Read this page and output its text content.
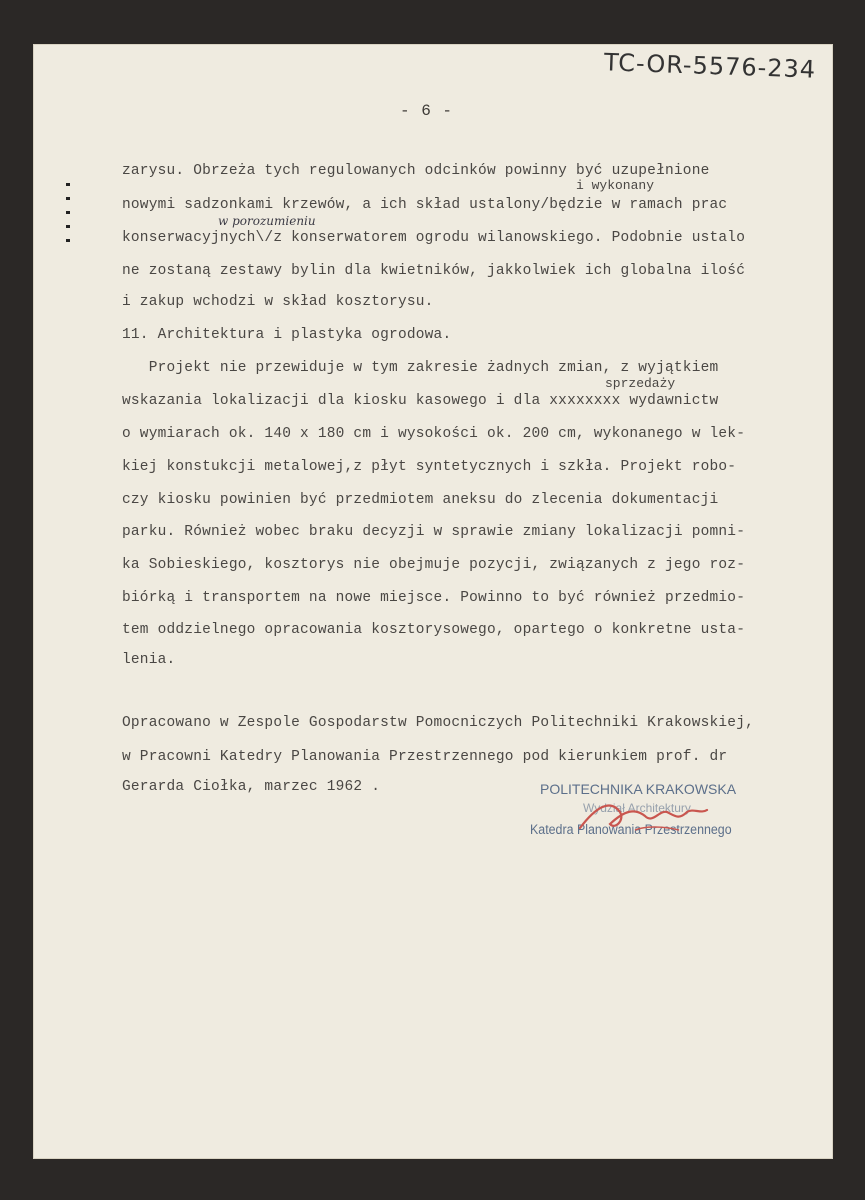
TC-OR-5576-234
- 6 -
i wykonany
w porozumieniu
sprzedaży
zarysu. Obrzeża tych regulowanych odcinków powinny być uzupełnione
nowymi sadzonkami krzewów, a ich skład ustalony/będzie w ramach prac
konserwacyjnych\/z konserwatorem ogrodu wilanowskiego. Podobnie ustalo
ne zostaną zestawy bylin dla kwietników, jakkolwiek ich globalna ilość
i zakup wchodzi w skład kosztorysu.
11. Architektura i plastyka ogrodowa.
Projekt nie przewiduje w tym zakresie żadnych zmian, z wyjątkiem
wskazania lokalizacji dla kiosku kasowego i dla xxxxxxxx wydawnictw
o wymiarach ok. 140 x 180 cm i wysokości ok. 200 cm, wykonanego w lek-
kiej konstukcji metalowej,z płyt syntetycznych i szkła. Projekt robo-
czy kiosku powinien być przedmiotem aneksu do zlecenia dokumentacji
parku. Również wobec braku decyzji w sprawie zmiany lokalizacji pomni-
ka Sobieskiego, kosztorys nie obejmuje pozycji, związanych z jego roz-
biórką i transportem na nowe miejsce. Powinno to być również przedmio-
tem oddzielnego opracowania kosztorysowego, opartego o konkretne usta-
lenia.
Opracowano w Zespole Gospodarstw Pomocniczych Politechniki Krakowskiej,
w Pracowni Katedry Planowania Przestrzennego pod kierunkiem prof. dr
Gerarda Ciołka, marzec 1962 .	POLITECHNIKA KRAKOWSKA
Wydział Architektury
Katedra Planowania Przestrzennego
